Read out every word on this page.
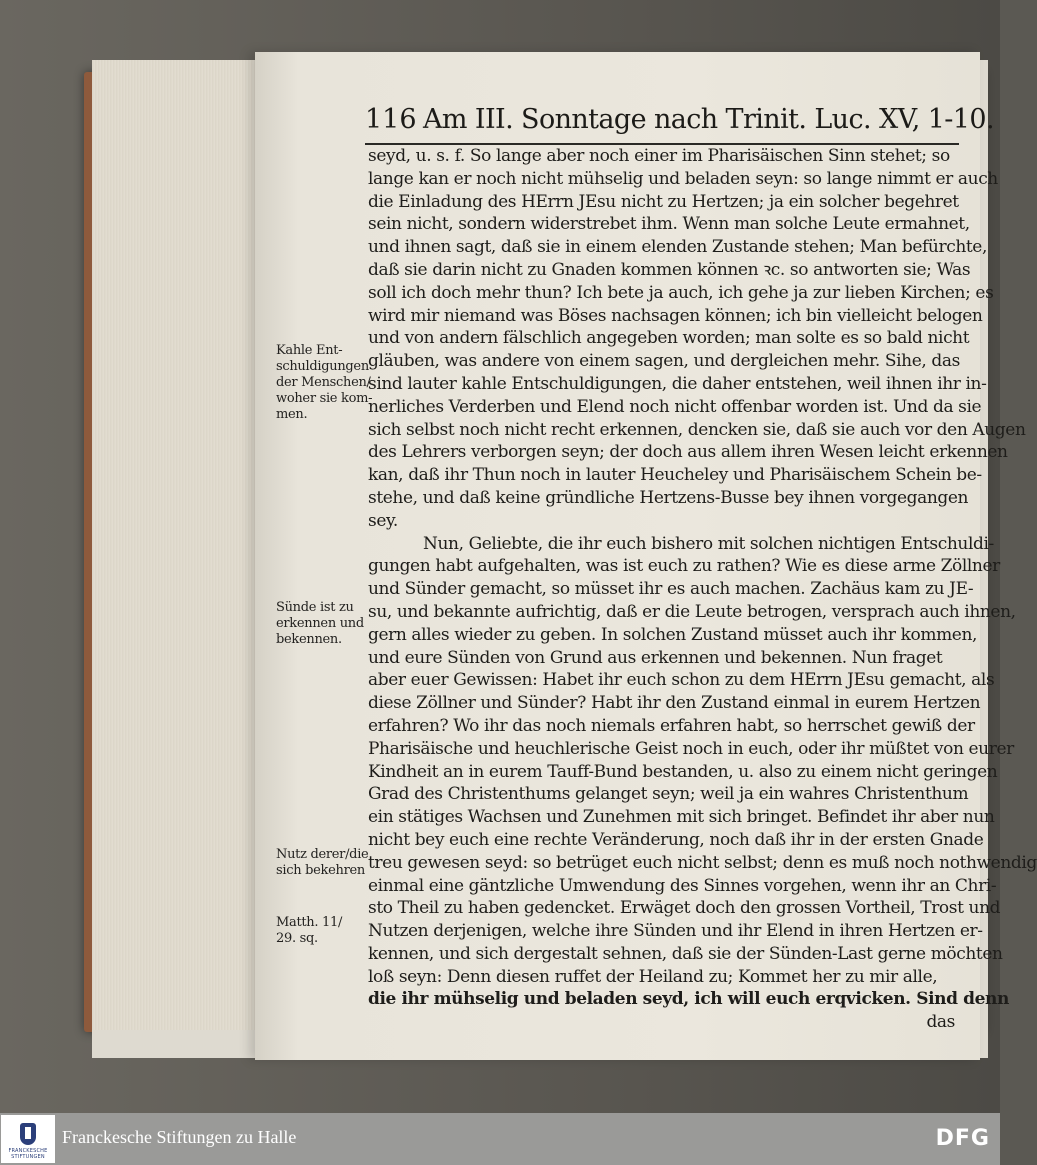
116 Am III. Sonntage nach Trinit. Luc. XV, 1-10.
seyd, u. s. f. So lange aber noch einer im Pharisäischen Sinn stehet; so
lange kan er noch nicht mühselig und beladen seyn: so lange nimmt er auch
die Einladung des HErrn JEsu nicht zu Hertzen; ja ein solcher begehret
sein nicht, sondern widerstrebet ihm. Wenn man solche Leute ermahnet,
und ihnen sagt, daß sie in einem elenden Zustande stehen; Man befürchte,
daß sie darin nicht zu Gnaden kommen können ꝛc. so antworten sie; Was
soll ich doch mehr thun? Ich bete ja auch, ich gehe ja zur lieben Kirchen; es
wird mir niemand was Böses nachsagen können; ich bin vielleicht belogen
und von andern fälschlich angegeben worden; man solte es so bald nicht
gläuben, was andere von einem sagen, und dergleichen mehr. Sihe, das
sind lauter kahle Entschuldigungen, die daher entstehen, weil ihnen ihr in-
nerliches Verderben und Elend noch nicht offenbar worden ist. Und da sie
sich selbst noch nicht recht erkennen, dencken sie, daß sie auch vor den Augen
des Lehrers verborgen seyn; der doch aus allem ihren Wesen leicht erkennen
kan, daß ihr Thun noch in lauter Heucheley und Pharisäischem Schein be-
stehe, und daß keine gründliche Hertzens-Busse bey ihnen vorgegangen
sey.
Nun, Geliebte, die ihr euch bishero mit solchen nichtigen Entschuldi-
gungen habt aufgehalten, was ist euch zu rathen? Wie es diese arme Zöllner
und Sünder gemacht, so müsset ihr es auch machen. Zachäus kam zu JE-
su, und bekannte aufrichtig, daß er die Leute betrogen, versprach auch ihnen,
gern alles wieder zu geben. In solchen Zustand müsset auch ihr kommen,
und eure Sünden von Grund aus erkennen und bekennen. Nun fraget
aber euer Gewissen: Habet ihr euch schon zu dem HErrn JEsu gemacht, als
diese Zöllner und Sünder? Habt ihr den Zustand einmal in eurem Hertzen
erfahren? Wo ihr das noch niemals erfahren habt, so herrschet gewiß der
Pharisäische und heuchlerische Geist noch in euch, oder ihr müßtet von eurer
Kindheit an in eurem Tauff-Bund bestanden, u. also zu einem nicht geringen
Grad des Christenthums gelanget seyn; weil ja ein wahres Christenthum
ein stätiges Wachsen und Zunehmen mit sich bringet. Befindet ihr aber nun
nicht bey euch eine rechte Veränderung, noch daß ihr in der ersten Gnade
treu gewesen seyd: so betrüget euch nicht selbst; denn es muß noch nothwendig
einmal eine gäntzliche Umwendung des Sinnes vorgehen, wenn ihr an Chri-
sto Theil zu haben gedencket. Erwäget doch den grossen Vortheil, Trost und
Nutzen derjenigen, welche ihre Sünden und ihr Elend in ihren Hertzen er-
kennen, und sich dergestalt sehnen, daß sie der Sünden-Last gerne möchten
loß seyn: Denn diesen ruffet der Heiland zu; Kommet her zu mir alle,
die ihr mühselig und beladen seyd, ich will euch erqvicken. Sind denn
das
Kahle Ent-
schuldigungen
der Menschen/
woher sie kom-
men.
Sünde ist zu
erkennen und
bekennen.
Nutz derer/die
sich bekehren
Matth. 11/
29. sq.
FRANCKESCHE STIFTUNGEN
Franckesche Stiftungen zu Halle	DFG
